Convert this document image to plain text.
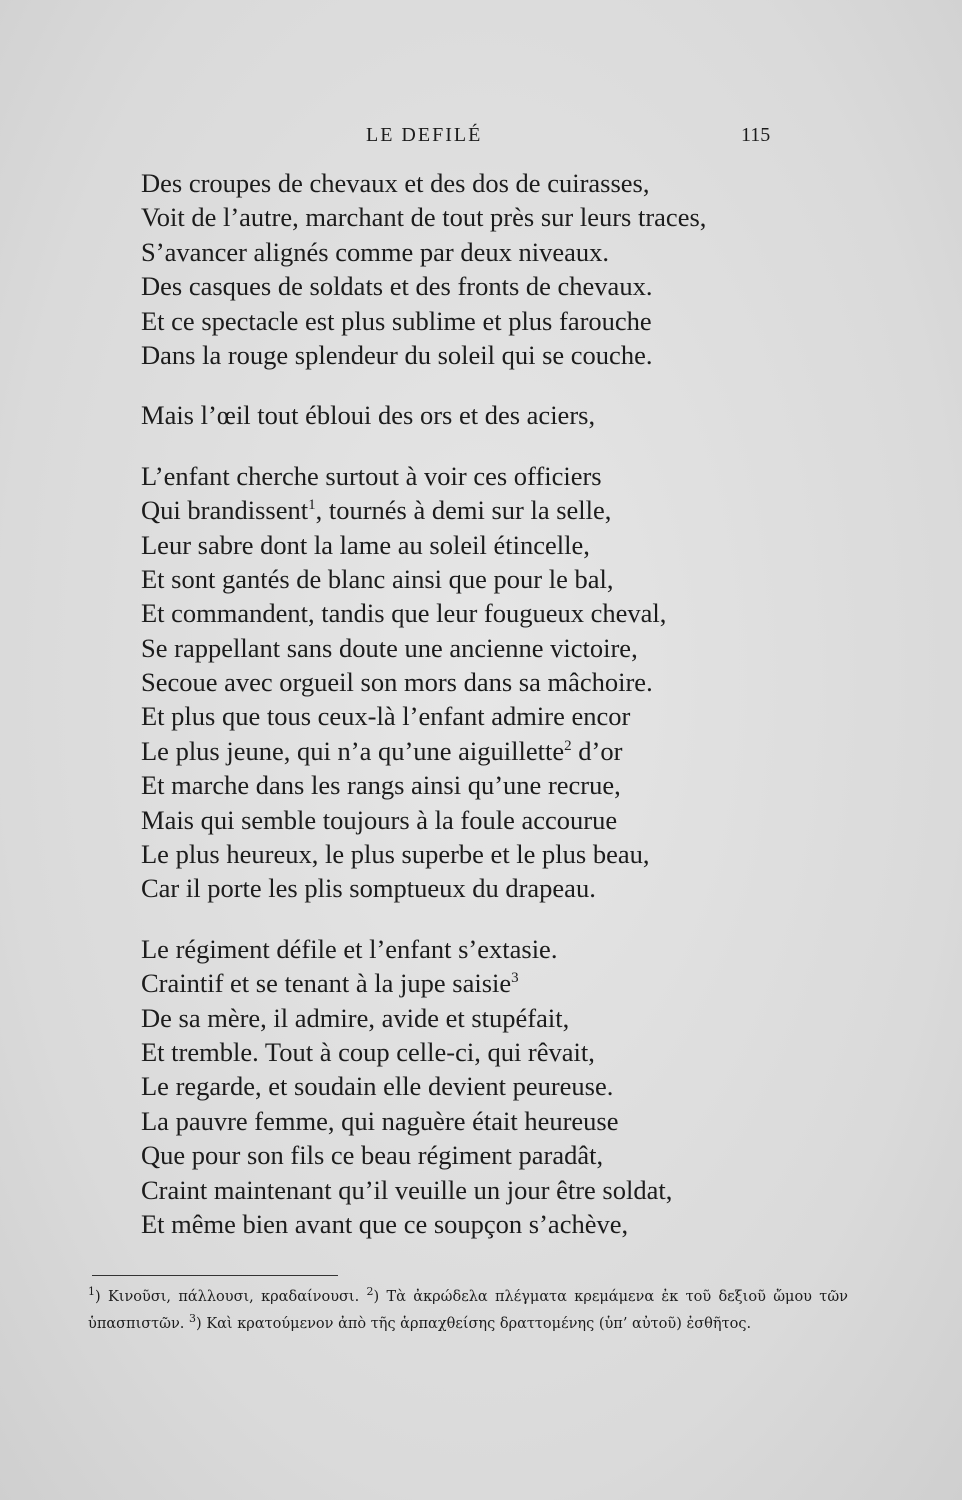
LE DEFILÉ	115
Des croupes de chevaux et des dos de cuirasses,
Voit de l’autre, marchant de tout près sur leurs traces,
S’avancer alignés comme par deux niveaux.
Des casques de soldats et des fronts de chevaux.
Et ce spectacle est plus sublime et plus farouche
Dans la rouge splendeur du soleil qui se couche.
Mais l’œil tout ébloui des ors et des aciers,
L’enfant cherche surtout à voir ces officiers
Qui brandissent$^1$, tournés à demi sur la selle,
Leur sabre dont la lame au soleil étincelle,
Et sont gantés de blanc ainsi que pour le bal,
Et commandent, tandis que leur fougueux cheval,
Se rappellant sans doute une ancienne victoire,
Secoue avec orgueil son mors dans sa mâchoire.
Et plus que tous ceux-là l’enfant admire encor
Le plus jeune, qui n’a qu’une aiguillette$^2$ d’or
Et marche dans les rangs ainsi qu’une recrue,
Mais qui semble toujours à la foule accourue
Le plus heureux, le plus superbe et le plus beau,
Car il porte les plis somptueux du drapeau.
Le régiment défile et l’enfant s’extasie.
Craintif et se tenant à la jupe saisie$^3$
De sa mère, il admire, avide et stupéfait,
Et tremble. Tout à coup celle-ci, qui rêvait,
Le regarde, et soudain elle devient peureuse.
La pauvre femme, qui naguère était heureuse
Que pour son fils ce beau régiment paradât,
Craint maintenant qu’il veuille un jour être soldat,
Et même bien avant que ce soupçon s’achève,
$^1$) Κινοῦσι, πάλλουσι, κραδαίνουσι. $^2$) Τὰ ἀκρώδελα πλέγματα κρεμάμενα ἐκ τοῦ δεξιοῦ ὤμου τῶν ὑπασπιστῶν. $^3$) Καὶ κρατούμενον ἀπὸ τῆς ἁρπαχθείσης δραττομένης (ὑπ’ αὐτοῦ) ἐσθῆτος.
